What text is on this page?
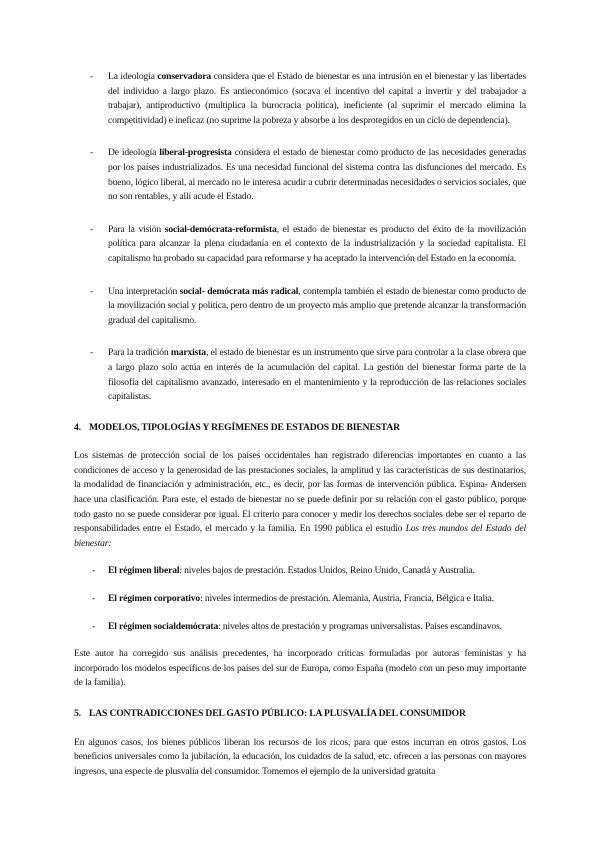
- La ideología conservadora considera que el Estado de bienestar es una intrusión en el bienestar y las libertades del individuo a largo plazo. Es antieconómico (socava el incentivo del capital a invertir y del trabajador a trabajar), antiproductivo (multiplica la burocracia política), ineficiente (al suprimir el mercado elimina la competitividad) e ineficaz (no suprime la pobreza y absorbe a los desprotegidos en un ciclo de dependencia).
- De ideología liberal-progresista considera el estado de bienestar como producto de las necesidades generadas por los países industrializados. Es una necesidad funcional del sistema contra las disfunciones del mercado. Es bueno, lógico liberal, al mercado no le interesa acudir a cubrir determinadas necesidades o servicios sociales, que no son rentables, y allí acude el Estado.
- Para la visión social-demócrata-reformista, el estado de bienestar es producto del éxito de la movilización política para alcanzar la plena ciudadanía en el contexto de la industrialización y la sociedad capitalista. El capitalismo ha probado su capacidad para reformarse y ha aceptado la intervención del Estado en la economía.
- Una interpretación social- demócrata más radical, contempla también el estado de bienestar como producto de la movilización social y política, pero dentro de un proyecto más amplio que pretende alcanzar la transformación gradual del capitalismo.
- Para la tradición marxista, el estado de bienestar es un instrumento que sirve para controlar a la clase obrera que a largo plazo solo actúa en interés de la acumulación del capital. La gestión del bienestar forma parte de la filosofía del capitalismo avanzado, interesado en el mantenimiento y la reproducción de las relaciones sociales capitalistas.
4. MODELOS, TIPOLOGÍAS Y REGÍMENES DE ESTADOS DE BIENESTAR

Los sistemas de protección social de los países occidentales han registrado diferencias importantes en cuanto a las condiciones de acceso y la generosidad de las prestaciones sociales, la amplitud y las características de sus destinatarios, la modalidad de financiación y administración, etc., es decir, por las formas de intervención pública. Espina- Andersen hace una clasificación. Para este, el estado de bienestar no se puede definir por su relación con el gasto público, porque todo gasto no se puede considerar por igual. El criterio para conocer y medir los derechos sociales debe ser el reparto de responsabilidades entre el Estado, el mercado y la familia. En 1990 pública el estudio Los tres mundos del Estado del bienestar:

- El régimen liberal: niveles bajos de prestación. Estados Unidos, Reino Unido, Canadá y Australia.
- El régimen corporativo: niveles intermedios de prestación. Alemania, Austria, Francia, Bélgica e Italia.
- El régimen socialdemócrata: niveles altos de prestación y programas universalistas. Países escandinavos.

Este autor ha corregido sus análisis precedentes, ha incorporado críticas formuladas por autoras feministas y ha incorporado los modelos específicos de los países del sur de Europa, como España (modelo con un peso muy importante de la familia).

5. LAS CONTRADICCIONES DEL GASTO PÚBLICO: LA PLUSVALÍA DEL CONSUMIDOR

En algunos casos, los bienes públicos liberan los recursos de los ricos, para que estos incurran en otros gastos. Los beneficios universales como la jubilación, la educación, los cuidados de la salud, etc. ofrecen a las personas con mayores ingresos, una especie de plusvalía del consumidor. Tomemos el ejemplo de la universidad gratuita
